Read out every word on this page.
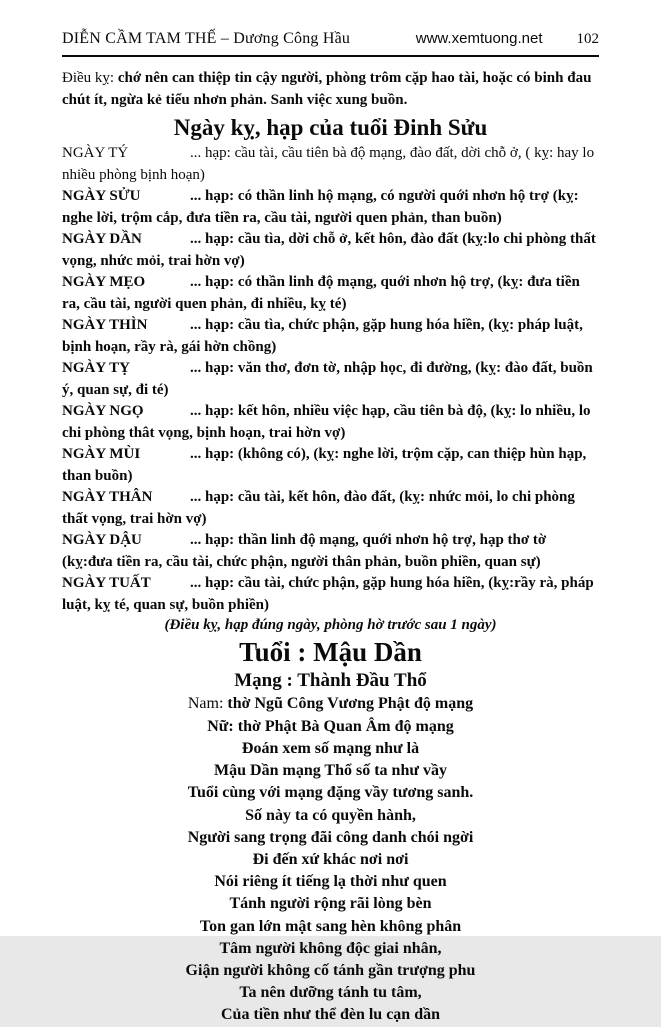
DIỄN CẦM TAM THẾ – Dương Công Hầu	www.xemtuong.net 102

Điều kỵ: chớ nên can thiệp tin cậy người, phòng trôm cặp hao tài, hoặc có binh đau chút ít, ngừa kẻ tiểu nhơn phản. Sanh việc xung buồn.

Ngày kỵ, hạp của tuổi Đinh Sửu

NGÀY TÝ	... hạp: cầu tài, cầu tiên bà độ mạng, đào đất, dời chỗ ở, ( kỵ: hay lo nhiều phòng bịnh hoạn)

NGÀY SỬU	... hạp: có thần linh hộ mạng, có người quới nhơn hộ trợ (kỵ: nghe lời, trộm cắp, đưa tiền ra, cầu tài, người quen phản, than buồn)

NGÀY DẦN	... hạp: cầu tìa, dời chỗ ở, kết hôn, đào đất (kỵ:lo chi phòng thất vọng, nhức mỏi, trai hờn vợ)

NGÀY MẸO	... hạp: có thần linh độ mạng, quới nhơn hộ trợ, (kỵ: đưa tiền ra, cầu tài, người quen phản, đi nhiều, kỵ té)

NGÀY THÌN	... hạp: cầu tìa, chức phận, gặp hung hóa hiền, (kỵ: pháp luật, bịnh hoạn, rầy rà, gái hờn chồng)

NGÀY TỴ	... hạp: văn thơ, đơn tờ, nhập học, đi đường, (kỵ: đào đất, buồn ý, quan sự, đi té)

NGÀY NGỌ	... hạp: kết hôn, nhiều việc hạp, cầu tiên bà độ, (kỵ: lo nhiều, lo chi phòng thât vọng, bịnh hoạn, trai hờn vợ)

NGÀY MÙI	... hạp: (không có), (kỵ: nghe lời, trộm cặp, can thiệp hùn hạp, than buồn)

NGÀY THÂN	... hạp: cầu tài, kết hôn, đào đất, (kỵ: nhức mỏi, lo chi phòng thất vọng, trai hờn vợ)

NGÀY DẬU	... hạp: thần linh độ mạng, quới nhơn hộ trợ, hạp thơ tờ (kỵ:đưa tiền ra, cầu tài, chức phận, người thân phản, buồn phiền, quan sự)

NGÀY TUẤT	... hạp: cầu tài, chức phận, gặp hung hóa hiền, (kỵ:rầy rà, pháp luật, kỵ té, quan sự, buồn phiền)

(Điều kỵ, hạp đúng ngày, phòng hờ trước sau 1 ngày)

Tuổi : Mậu Dần
Mạng : Thành Đầu Thổ

Nam: thờ Ngũ Công Vương Phật độ mạng

Nữ: thờ Phật Bà Quan Âm độ mạng

Đoán xem số mạng như là

Mậu Dần mạng Thổ số ta như vầy

Tuổi cùng với mạng đặng vầy tương sanh.

Số này ta có quyền hành,

Người sang trọng đãi công danh chói ngời

Đi đến xứ khác nơi nơi

Nói riêng ít tiếng lạ thời như quen

Tánh người rộng rãi lòng bèn

Ton gan lớn mật sang hèn không phân

Tâm người không độc giai nhân,

Giận người không cố tánh gần trượng phu

Ta nên dưỡng tánh tu tâm,

Của tiền như thể đèn lu cạn dần
